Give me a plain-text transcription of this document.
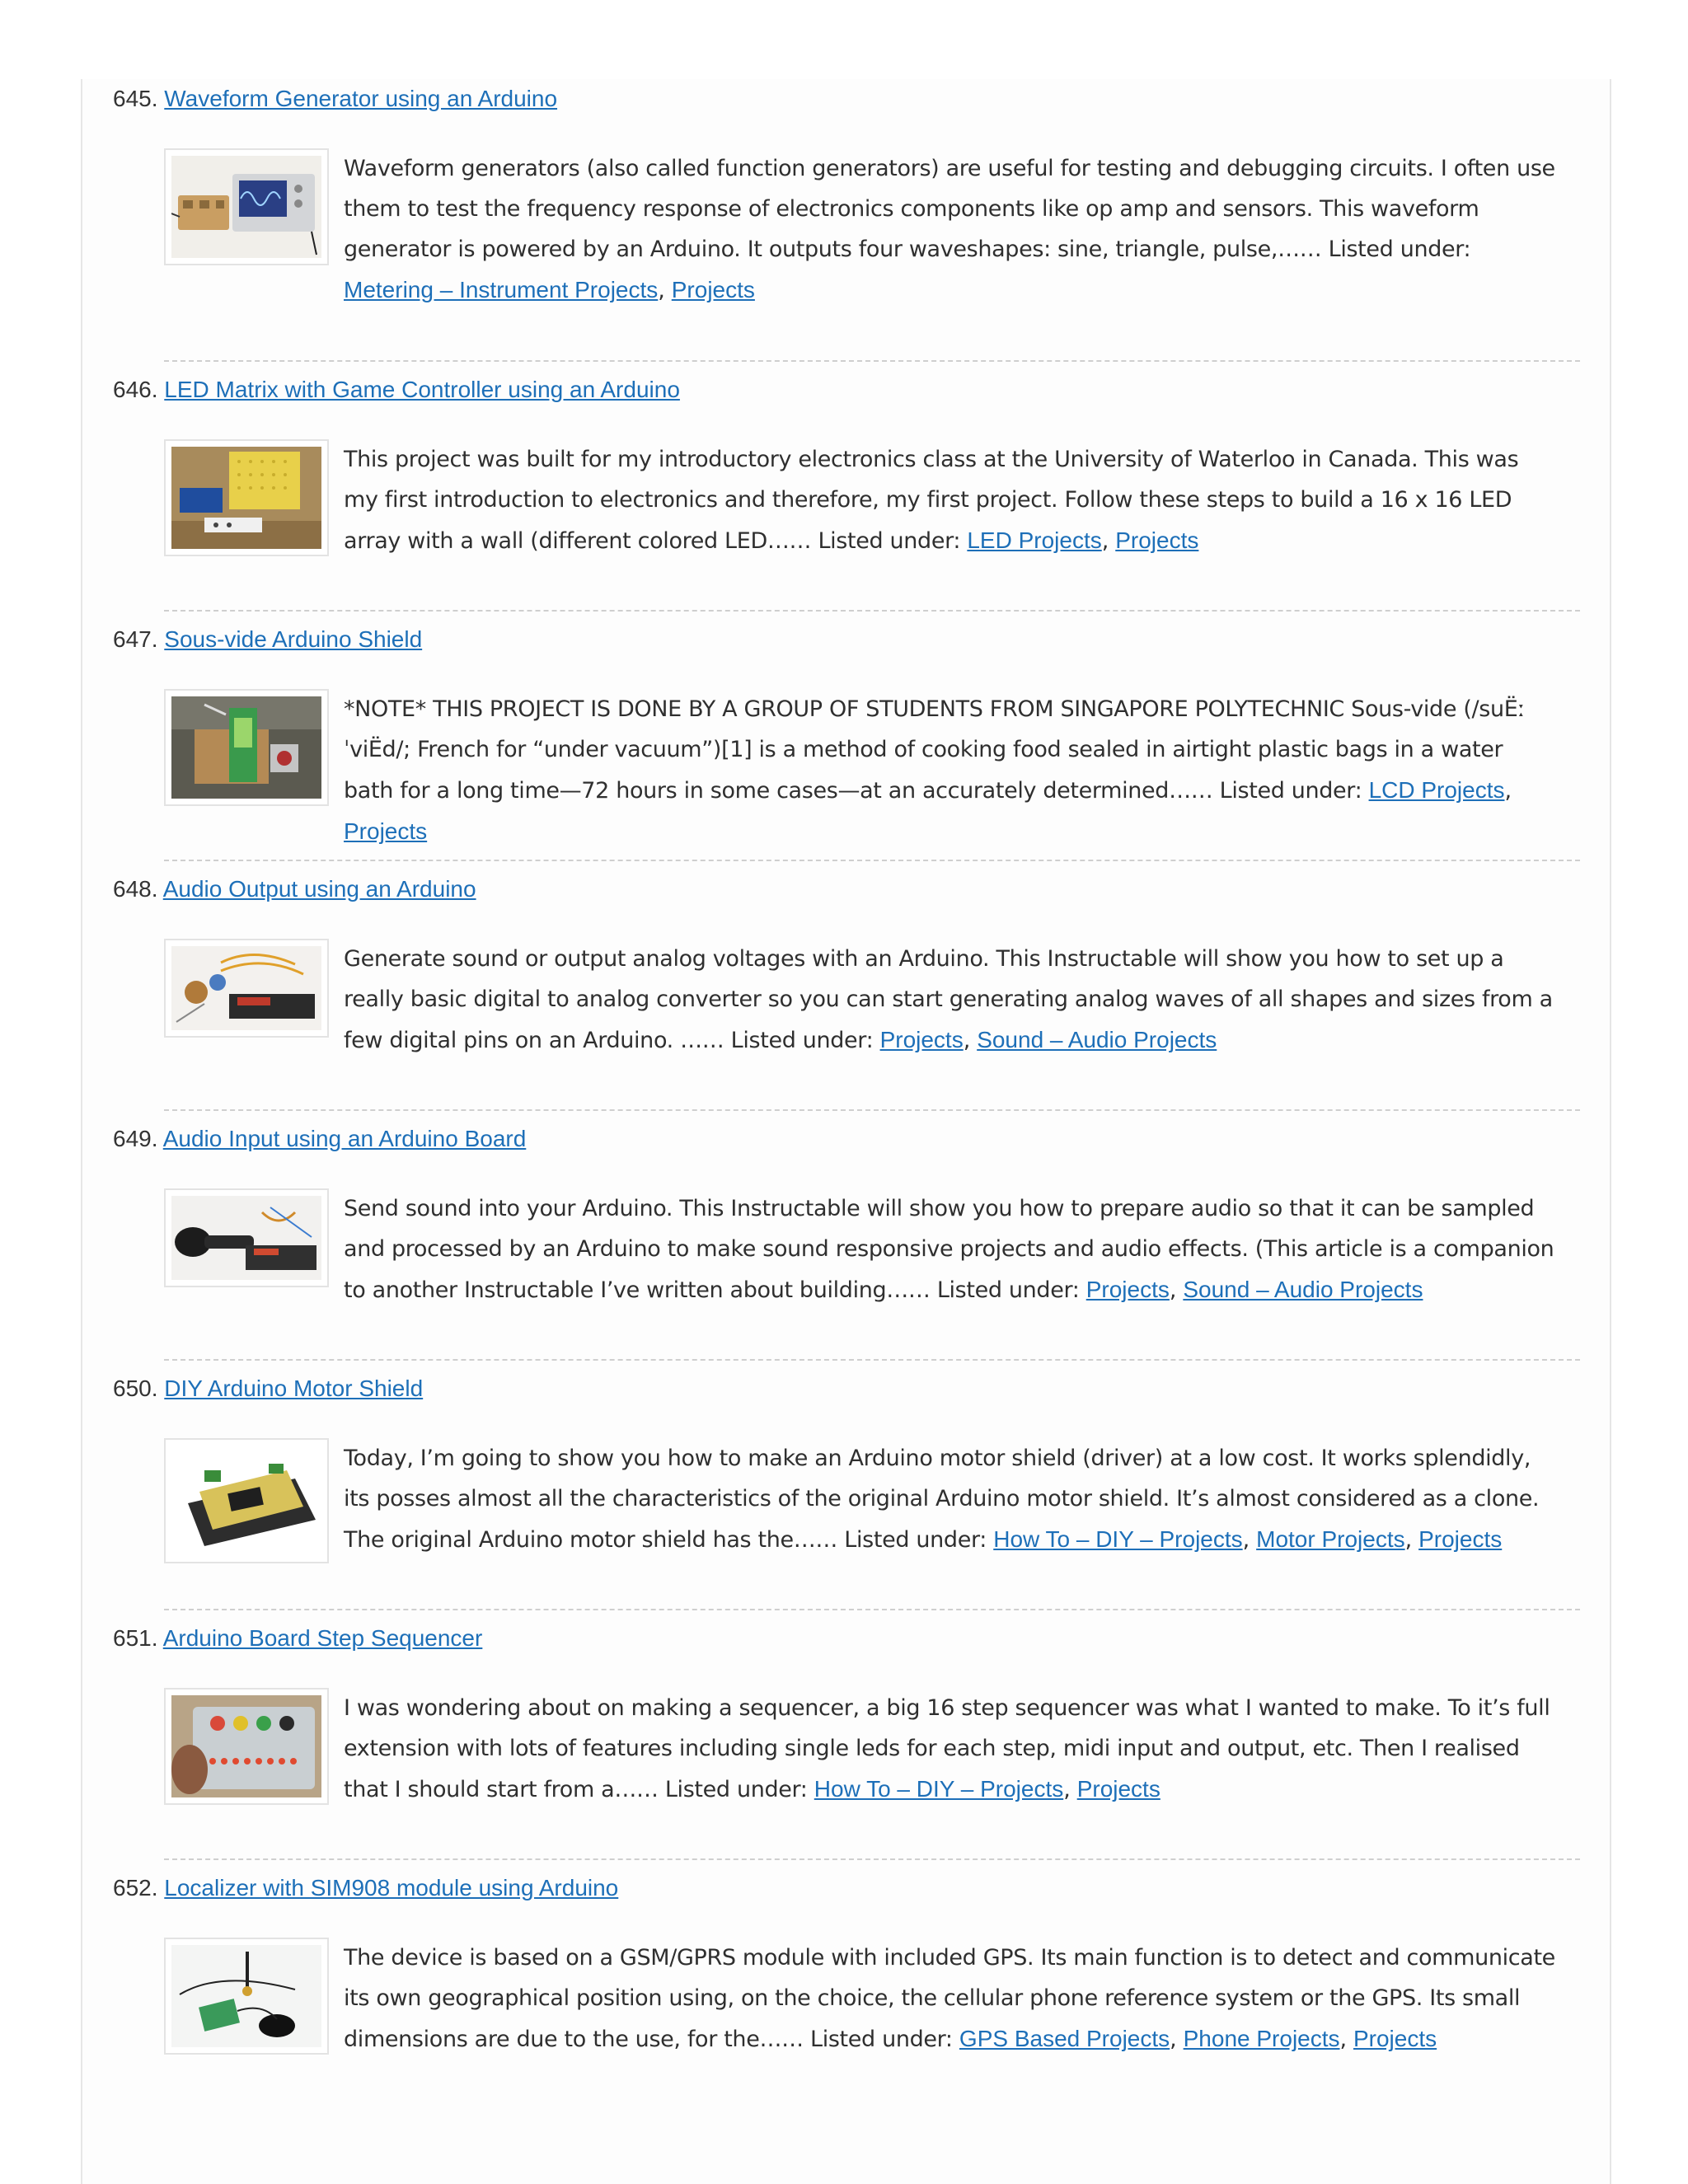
645. Waveform Generator using an Arduino
Waveform generators (also called function generators) are useful for testing and debugging circuits. I often use them to test the frequency response of electronics components like op amp and sensors. This waveform generator is powered by an Arduino. It outputs four waveshapes: sine, triangle, pulse,…… Listed under: Metering – Instrument Projects, Projects
646. LED Matrix with Game Controller using an Arduino
This project was built for my introductory electronics class at the University of Waterloo in Canada. This was my first introduction to electronics and therefore, my first project. Follow these steps to build a 16 x 16 LED array with a wall (different colored LED…… Listed under: LED Projects, Projects
647. Sous-vide Arduino Shield
*NOTE* THIS PROJECT IS DONE BY A GROUP OF STUDENTS FROM SINGAPORE POLYTECHNIC Sous-vide (/suËːˈviËd/; French for “under vacuum”)[1] is a method of cooking food sealed in airtight plastic bags in a water bath for a long time—72 hours in some cases—at an accurately determined…… Listed under: LCD Projects, Projects
648. Audio Output using an Arduino
Generate sound or output analog voltages with an Arduino. This Instructable will show you how to set up a really basic digital to analog converter so you can start generating analog waves of all shapes and sizes from a few digital pins on an Arduino. …… Listed under: Projects, Sound – Audio Projects
649. Audio Input using an Arduino Board
Send sound into your Arduino. This Instructable will show you how to prepare audio so that it can be sampled and processed by an Arduino to make sound responsive projects and audio effects. (This article is a companion to another Instructable I’ve written about building…… Listed under: Projects, Sound – Audio Projects
650. DIY Arduino Motor Shield
Today, I’m going to show you how to make an Arduino motor shield (driver) at a low cost. It works splendidly, its posses almost all the characteristics of the original Arduino motor shield. It’s almost considered as a clone. The original Arduino motor shield has the…… Listed under: How To – DIY – Projects, Motor Projects, Projects
651. Arduino Board Step Sequencer
I was wondering about on making a sequencer, a big 16 step sequencer was what I wanted to make. To it’s full extension with lots of features including single leds for each step, midi input and output, etc. Then I realised that I should start from a…… Listed under: How To – DIY – Projects, Projects
652. Localizer with SIM908 module using Arduino
The device is based on a GSM/GPRS module with included GPS. Its main function is to detect and communicate its own geographical position using, on the choice, the cellular phone reference system or the GPS. Its small dimensions are due to the use, for the…… Listed under: GPS Based Projects, Phone Projects, Projects
